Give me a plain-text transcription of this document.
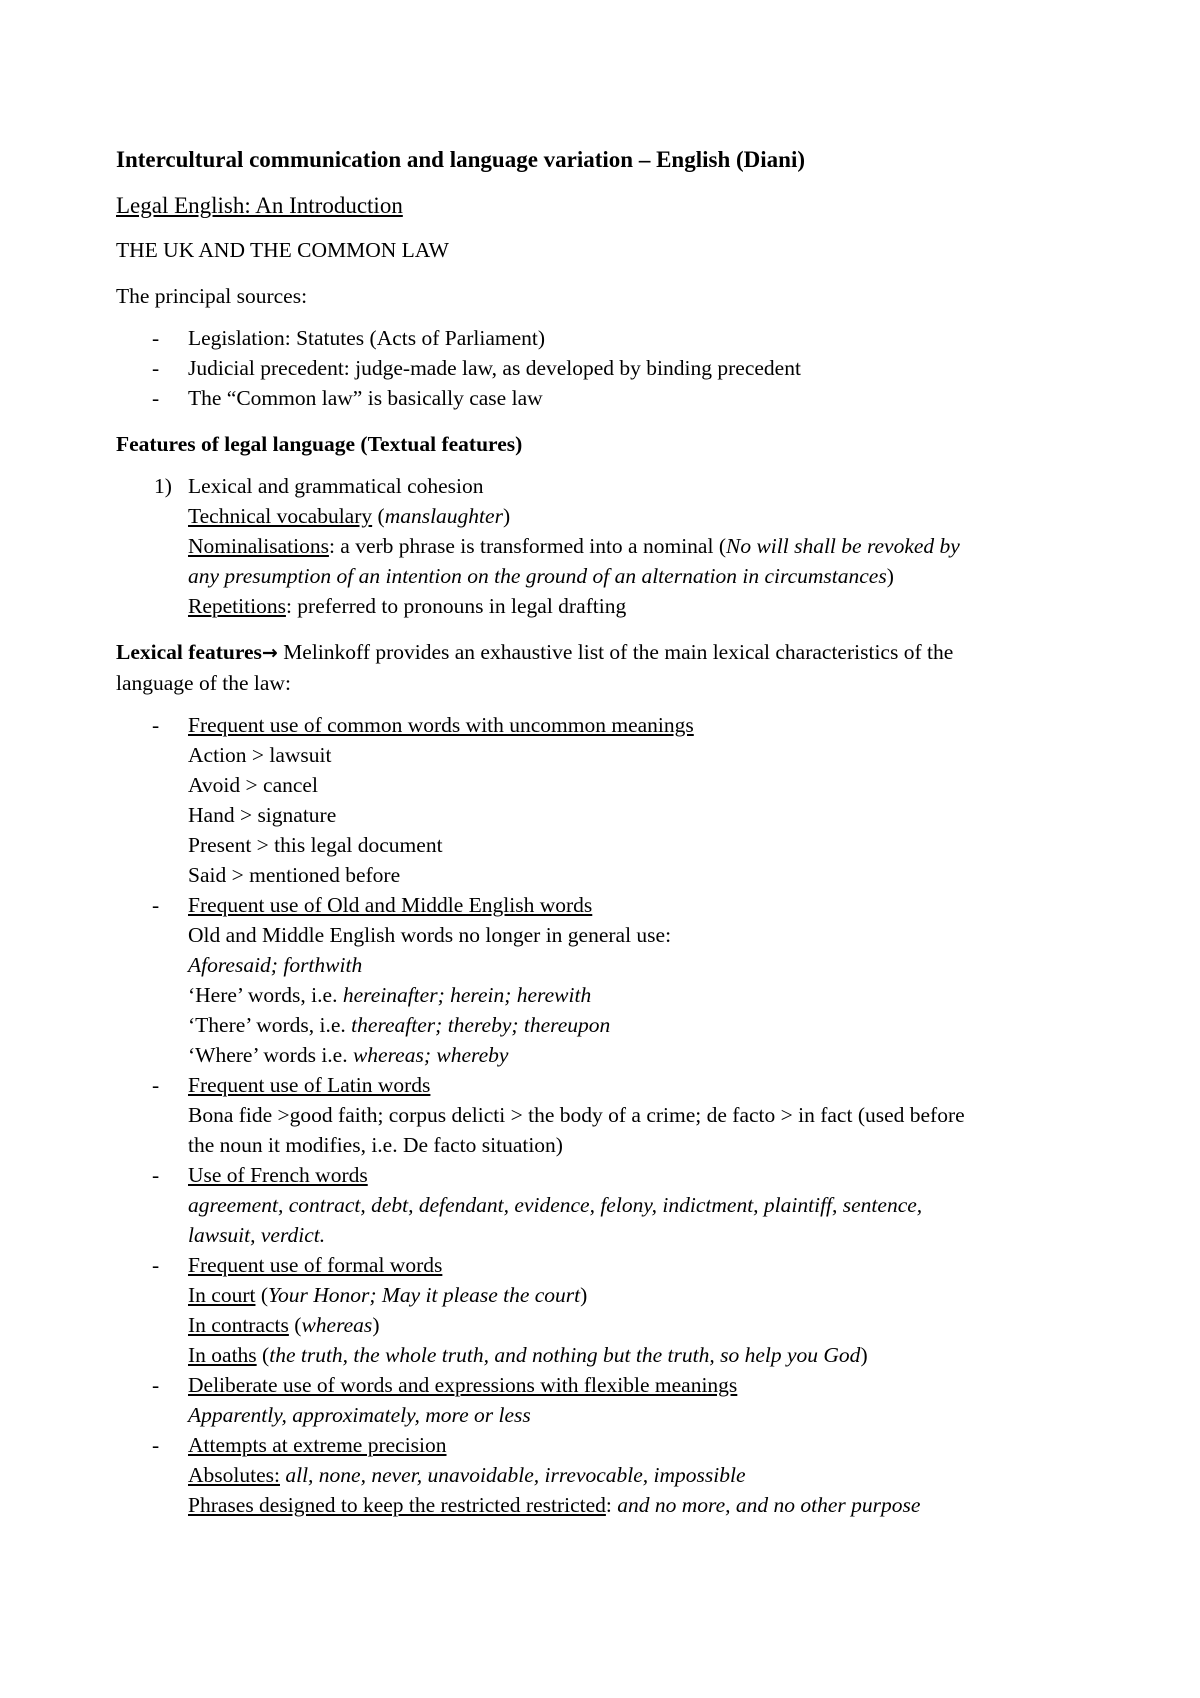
Intercultural communication and language variation – English (Diani)
Legal English: An Introduction
THE UK AND THE COMMON LAW
The principal sources:
- Legislation: Statutes (Acts of Parliament)
- Judicial precedent: judge-made law, as developed by binding precedent
- The “Common law” is basically case law
Features of legal language (Textual features)
1) Lexical and grammatical cohesion
Technical vocabulary (manslaughter)
Nominalisations: a verb phrase is transformed into a nominal (No will shall be revoked by
any presumption of an intention on the ground of an alternation in circumstances)
Repetitions: preferred to pronouns in legal drafting
Lexical features→ Melinkoff provides an exhaustive list of the main lexical characteristics of the
language of the law:
- Frequent use of common words with uncommon meanings
Action > lawsuit
Avoid > cancel
Hand > signature
Present > this legal document
Said > mentioned before
- Frequent use of Old and Middle English words
Old and Middle English words no longer in general use:
Aforesaid; forthwith
‘Here’ words, i.e. hereinafter; herein; herewith
‘There’ words, i.e. thereafter; thereby; thereupon
‘Where’ words i.e. whereas; whereby
- Frequent use of Latin words
Bona fide >good faith; corpus delicti > the body of a crime; de facto > in fact (used before
the noun it modifies, i.e. De facto situation)
- Use of French words
agreement, contract, debt, defendant, evidence, felony, indictment, plaintiff, sentence,
lawsuit, verdict.
- Frequent use of formal words
In court (Your Honor; May it please the court)
In contracts (whereas)
In oaths (the truth, the whole truth, and nothing but the truth, so help you God)
- Deliberate use of words and expressions with flexible meanings
Apparently, approximately, more or less
- Attempts at extreme precision
Absolutes: all, none, never, unavoidable, irrevocable, impossible
Phrases designed to keep the restricted restricted: and no more, and no other purpose
